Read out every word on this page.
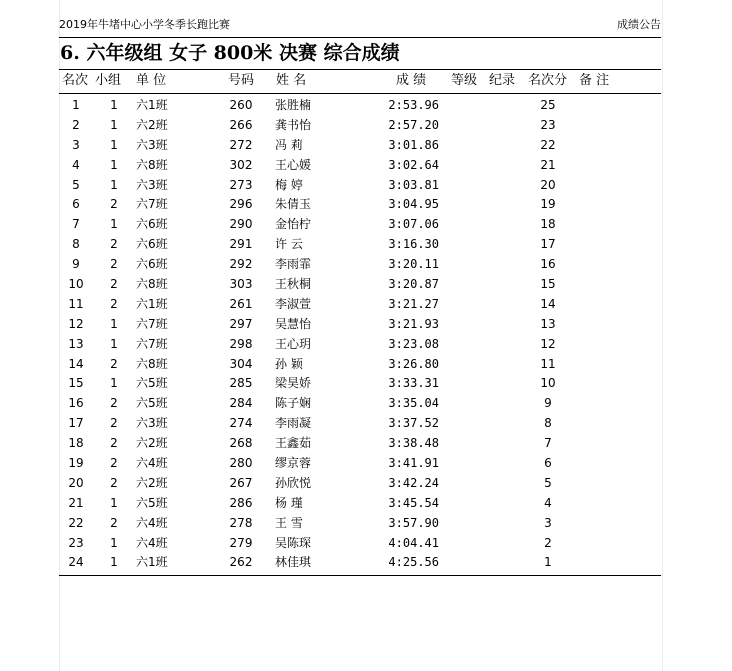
2019年牛堵中心小学冬季长跑比赛	成绩公告
6. 六年级组 女子 800米 决赛 综合成绩
名次 小组 单 位	号码 姓 名	成 绩 等级 纪录 名次分 备 注
1	1	六1班	260	张胜楠	2:53.96	25
2	1	六2班	266	龚书怡	2:57.20	23
3	1	六3班	272	冯 莉	3:01.86	22
4	1	六8班	302	王心媛	3:02.64	21
5	1	六3班	273	梅 婷	3:03.81	20
6	2	六7班	296	朱倩玉	3:04.95	19
7	1	六6班	290	金怡柠	3:07.06	18
8	2	六6班	291	许 云	3:16.30	17
9	2	六6班	292	李雨霏	3:20.11	16
10	2	六8班	303	王秋桐	3:20.87	15
11	2	六1班	261	李淑萱	3:21.27	14
12	1	六7班	297	吴慧怡	3:21.93	13
13	1	六7班	298	王心玥	3:23.08	12
14	2	六8班	304	孙 颖	3:26.80	11
15	1	六5班	285	梁昊娇	3:33.31	10
16	2	六5班	284	陈子娴	3:35.04	9
17	2	六3班	274	李雨凝	3:37.52	8
18	2	六2班	268	王鑫茹	3:38.48	7
19	2	六4班	280	缪京蓉	3:41.91	6
20	2	六2班	267	孙欣悦	3:42.24	5
21	1	六5班	286	杨 瑾	3:45.54	4
22	2	六4班	278	王 雪	3:57.90	3
23	1	六4班	279	吴陈琛	4:04.41	2
24	1	六1班	262	林佳琪	4:25.56	1
